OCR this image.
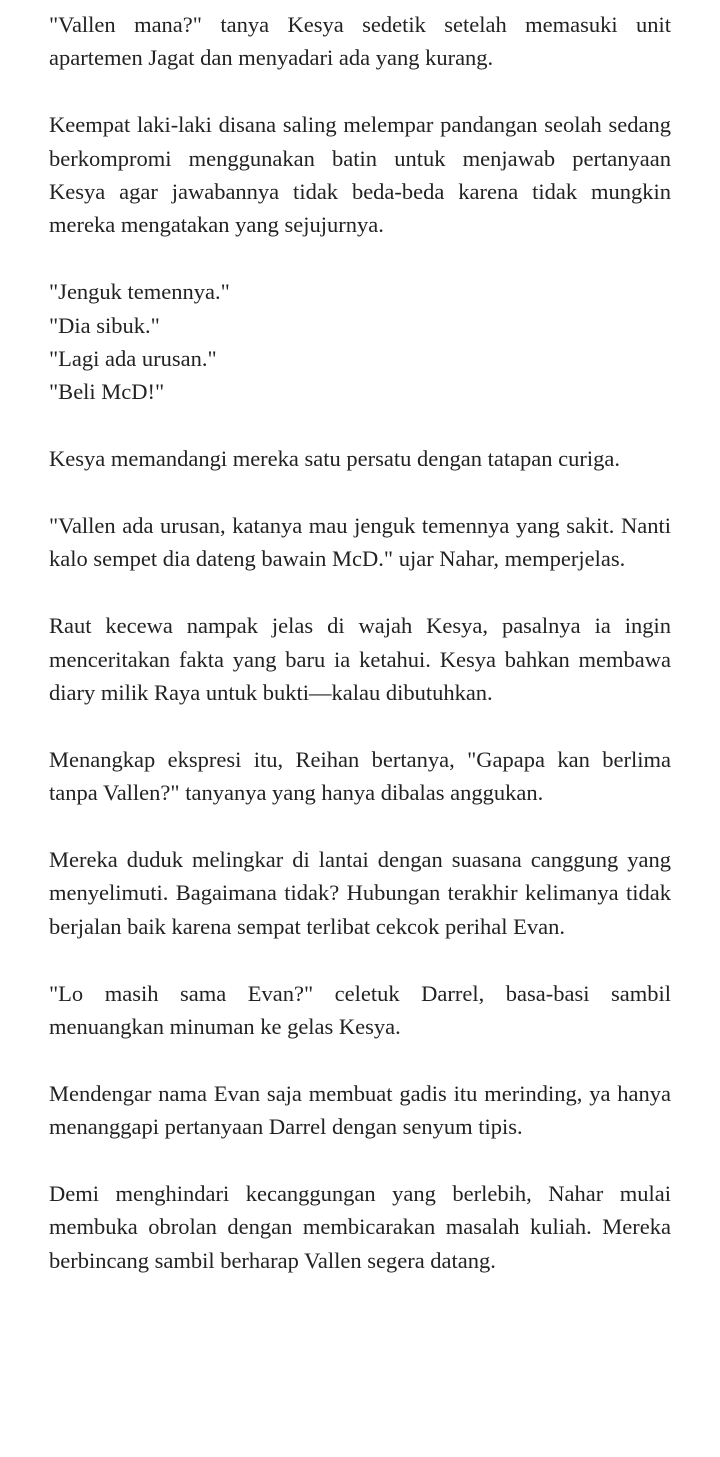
"Vallen mana?" tanya Kesya sedetik setelah memasuki unit apartemen Jagat dan menyadari ada yang kurang.

Keempat laki-laki disana saling melempar pandangan seolah sedang berkompromi menggunakan batin untuk menjawab pertanyaan Kesya agar jawabannya tidak beda-beda karena tidak mungkin mereka mengatakan yang sejujurnya.

"Jenguk temennya."
"Dia sibuk."
"Lagi ada urusan."
"Beli McD!"

Kesya memandangi mereka satu persatu dengan tatapan curiga.

"Vallen ada urusan, katanya mau jenguk temennya yang sakit. Nanti kalo sempet dia dateng bawain McD." ujar Nahar, memperjelas.

Raut kecewa nampak jelas di wajah Kesya, pasalnya ia ingin menceritakan fakta yang baru ia ketahui. Kesya bahkan membawa diary milik Raya untuk bukti—kalau dibutuhkan.

Menangkap ekspresi itu, Reihan bertanya, "Gapapa kan berlima tanpa Vallen?" tanyanya yang hanya dibalas anggukan.

Mereka duduk melingkar di lantai dengan suasana canggung yang menyelimuti. Bagaimana tidak? Hubungan terakhir kelimanya tidak berjalan baik karena sempat terlibat cekcok perihal Evan.

"Lo masih sama Evan?" celetuk Darrel, basa-basi sambil menuangkan minuman ke gelas Kesya.

Mendengar nama Evan saja membuat gadis itu merinding, ya hanya menanggapi pertanyaan Darrel dengan senyum tipis.

Demi menghindari kecanggungan yang berlebih, Nahar mulai membuka obrolan dengan membicarakan masalah kuliah. Mereka berbincang sambil berharap Vallen segera datang.
